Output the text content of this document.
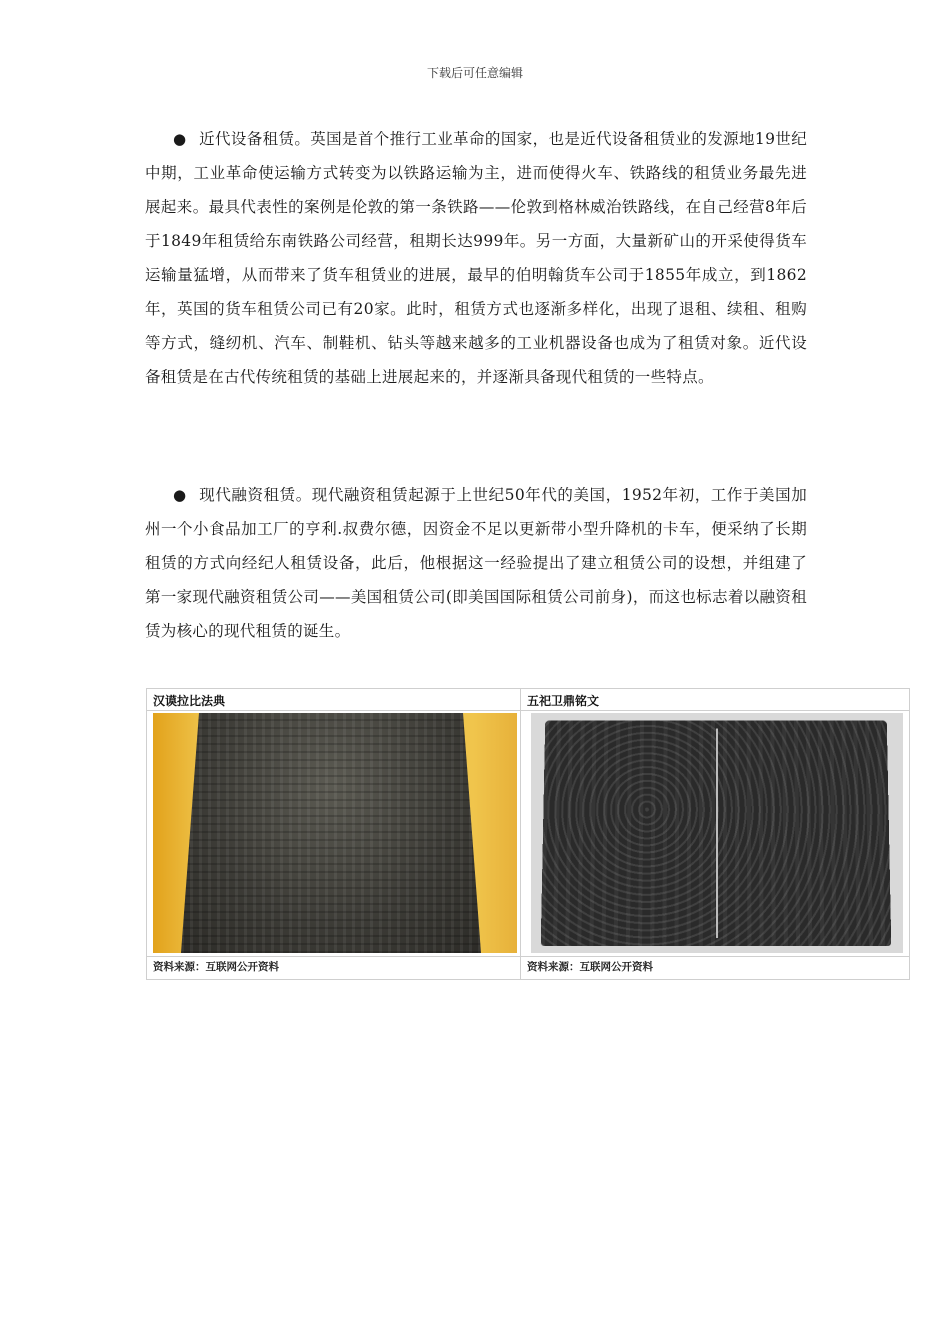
下载后可任意编辑
● 近代设备租赁。英国是首个推行工业革命的国家，也是近代设备租赁业的发源地19世纪中期，工业革命使运输方式转变为以铁路运输为主，进而使得火车、铁路线的租赁业务最先进展起来。最具代表性的案例是伦敦的第一条铁路——伦敦到格林威治铁路线，在自己经营8年后于1849年租赁给东南铁路公司经营，租期长达999年。另一方面，大量新矿山的开采使得货车运输量猛增，从而带来了货车租赁业的进展，最早的伯明翰货车公司于1855年成立，到1862年，英国的货车租赁公司已有20家。此时，租赁方式也逐渐多样化，出现了退租、续租、租购等方式，缝纫机、汽车、制鞋机、钻头等越来越多的工业机器设备也成为了租赁对象。近代设备租赁是在古代传统租赁的基础上进展起来的，并逐渐具备现代租赁的一些特点。
● 现代融资租赁。现代融资租赁起源于上世纪50年代的美国，1952年初，工作于美国加州一个小食品加工厂的亨利.叔费尔德，因资金不足以更新带小型升降机的卡车，便采纳了长期租赁的方式向经纪人租赁设备，此后，他根据这一经验提出了建立租赁公司的设想，并组建了第一家现代融资租赁公司——美国租赁公司(即美国国际租赁公司前身)，而这也标志着以融资租赁为核心的现代租赁的诞生。
汉谟拉比法典
资料来源：互联网公开资料
五祀卫鼎铭文
资料来源：互联网公开资料
